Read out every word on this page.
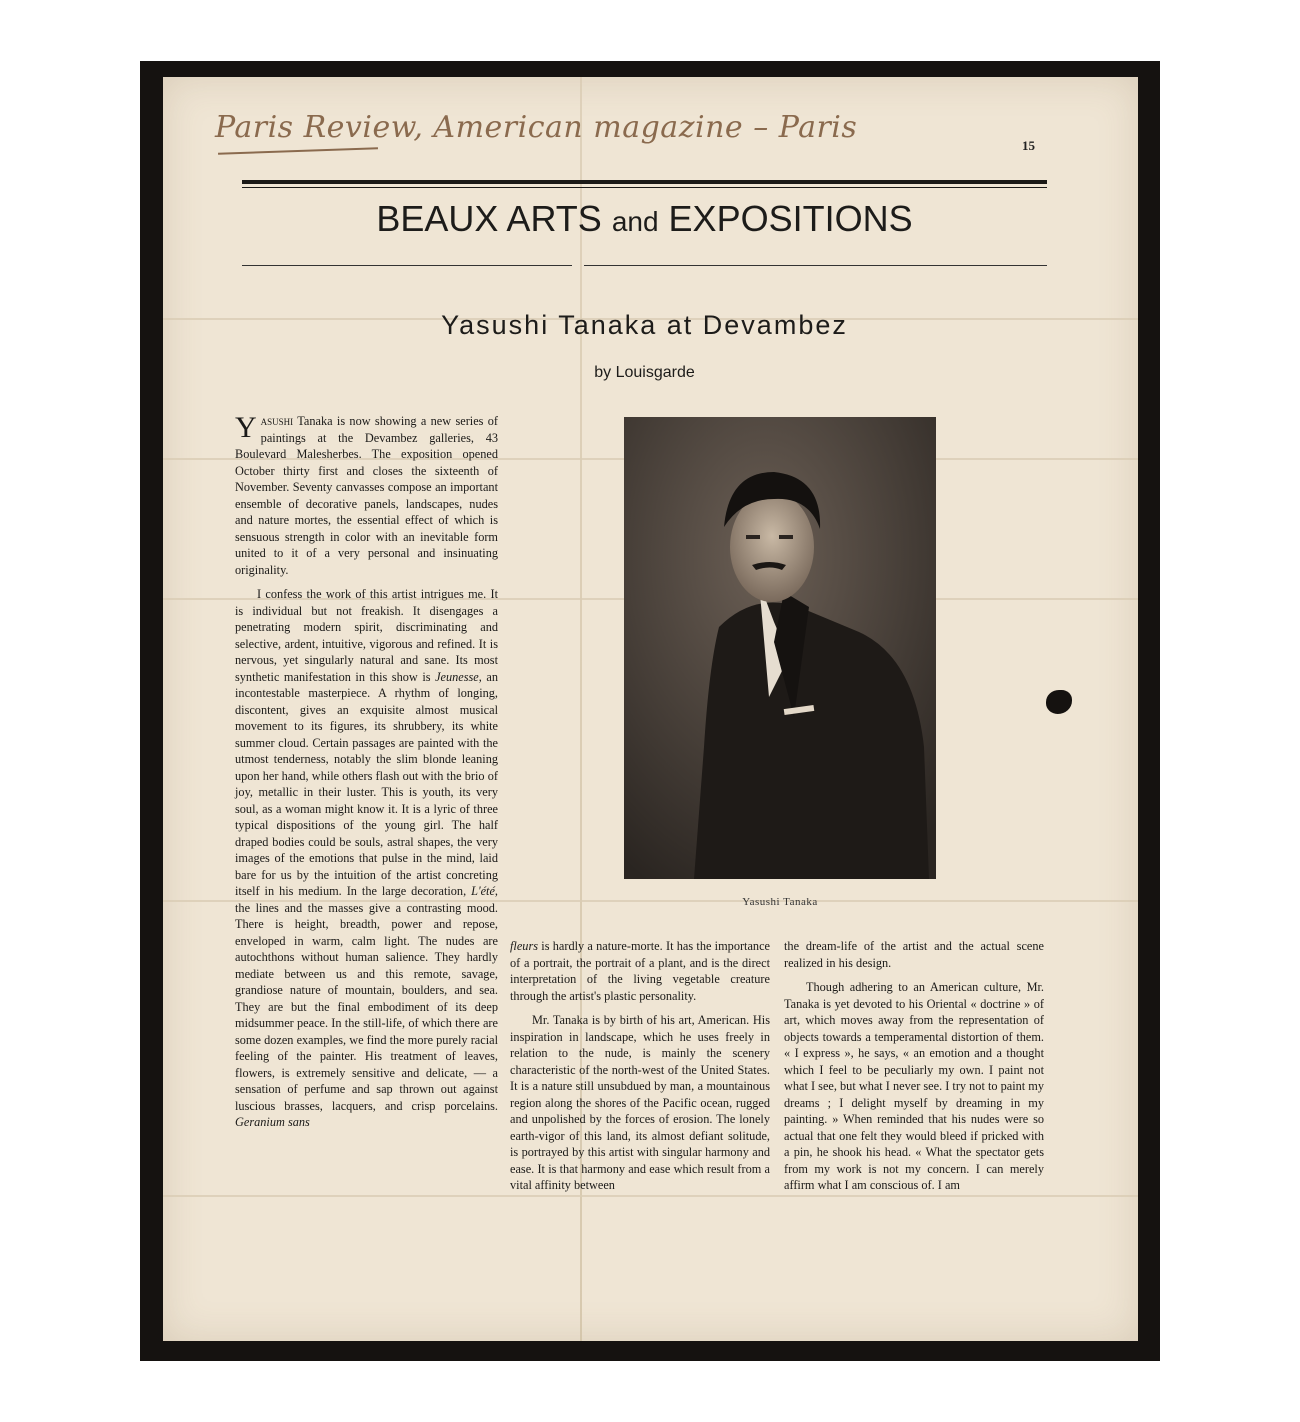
Paris Review, American magazine – Paris
15
BEAUX ARTS and EXPOSITIONS
Yasushi Tanaka at Devambez
by Louisgarde

Yasushi Tanaka is now showing a new series of paintings at the Devambez galleries, 43 Boulevard Malesherbes. The exposition opened October thirty first and closes the sixteenth of November. Seventy canvasses compose an important ensemble of decorative panels, landscapes, nudes and nature mortes, the essential effect of which is sensuous strength in color with an inevitable form united to it of a very personal and insinuating originality.

I confess the work of this artist intrigues me. It is individual but not freakish. It disengages a penetrating modern spirit, discriminating and selective, ardent, intuitive, vigorous and refined. It is nervous, yet singularly natural and sane. Its most synthetic manifestation in this show is Jeunesse, an incontestable masterpiece. A rhythm of longing, discontent, gives an exquisite almost musical movement to its figures, its shrubbery, its white summer cloud. Certain passages are painted with the utmost tenderness, notably the slim blonde leaning upon her hand, while others flash out with the brio of joy, metallic in their luster. This is youth, its very soul, as a woman might know it. It is a lyric of three typical dispositions of the young girl. The half draped bodies could be souls, astral shapes, the very images of the emotions that pulse in the mind, laid bare for us by the intuition of the artist concreting itself in his medium. In the large decoration, L'été, the lines and the masses give a contrasting mood. There is height, breadth, power and repose, enveloped in warm, calm light. The nudes are autochthons without human salience. They hardly mediate between us and this remote, savage, grandiose nature of mountain, boulders, and sea. They are but the final embodiment of its deep midsummer peace. In the still-life, of which there are some dozen examples, we find the more purely racial feeling of the painter. His treatment of leaves, flowers, is extremely sensitive and delicate, — a sensation of perfume and sap thrown out against luscious brasses, lacquers, and crisp porcelains. Geranium sans

Yasushi Tanaka

fleurs is hardly a nature-morte. It has the importance of a portrait, the portrait of a plant, and is the direct interpretation of the living vegetable creature through the artist's plastic personality.

Mr. Tanaka is by birth of his art, American. His inspiration in landscape, which he uses freely in relation to the nude, is mainly the scenery characteristic of the north-west of the United States. It is a nature still unsubdued by man, a mountainous region along the shores of the Pacific ocean, rugged and unpolished by the forces of erosion. The lonely earth-vigor of this land, its almost defiant solitude, is portrayed by this artist with singular harmony and ease. It is that harmony and ease which result from a vital affinity between

the dream-life of the artist and the actual scene realized in his design.

Though adhering to an American culture, Mr. Tanaka is yet devoted to his Oriental « doctrine » of art, which moves away from the representation of objects towards a temperamental distortion of them. « I express », he says, « an emotion and a thought which I feel to be peculiarly my own. I paint not what I see, but what I never see. I try not to paint my dreams ; I delight myself by dreaming in my painting. » When reminded that his nudes were so actual that one felt they would bleed if pricked with a pin, he shook his head. « What the spectator gets from my work is not my concern. I can merely affirm what I am conscious of. I am
